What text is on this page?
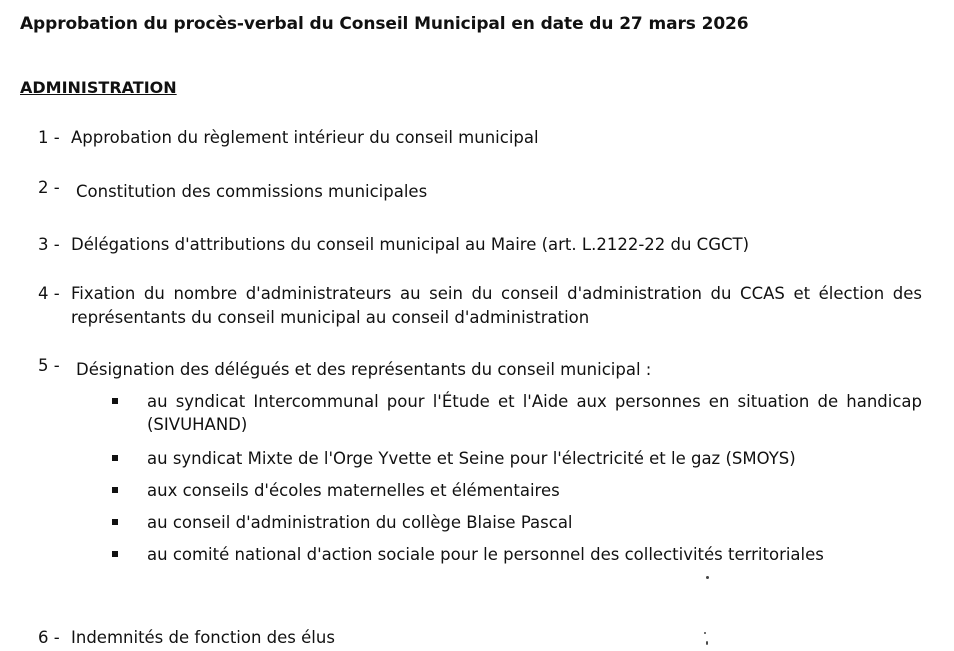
Approbation du procès-verbal du Conseil Municipal en date du 27 mars 2026
ADMINISTRATION
1 - Approbation du règlement intérieur du conseil municipal
2 - Constitution des commissions municipales
3 - Délégations d'attributions du conseil municipal au Maire (art. L.2122-22 du CGCT)
4 - Fixation du nombre d'administrateurs au sein du conseil d'administration du CCAS et élection des représentants du conseil municipal au conseil d'administration
5 - Désignation des délégués et des représentants du conseil municipal :
au syndicat Intercommunal pour l'Étude et l'Aide aux personnes en situation de handicap (SIVUHAND)
au syndicat Mixte de l'Orge Yvette et Seine pour l'électricité et le gaz (SMOYS)
aux conseils d'écoles maternelles et élémentaires
au conseil d'administration du collège Blaise Pascal
au comité national d'action sociale pour le personnel des collectivités territoriales
6 - Indemnités de fonction des élus
